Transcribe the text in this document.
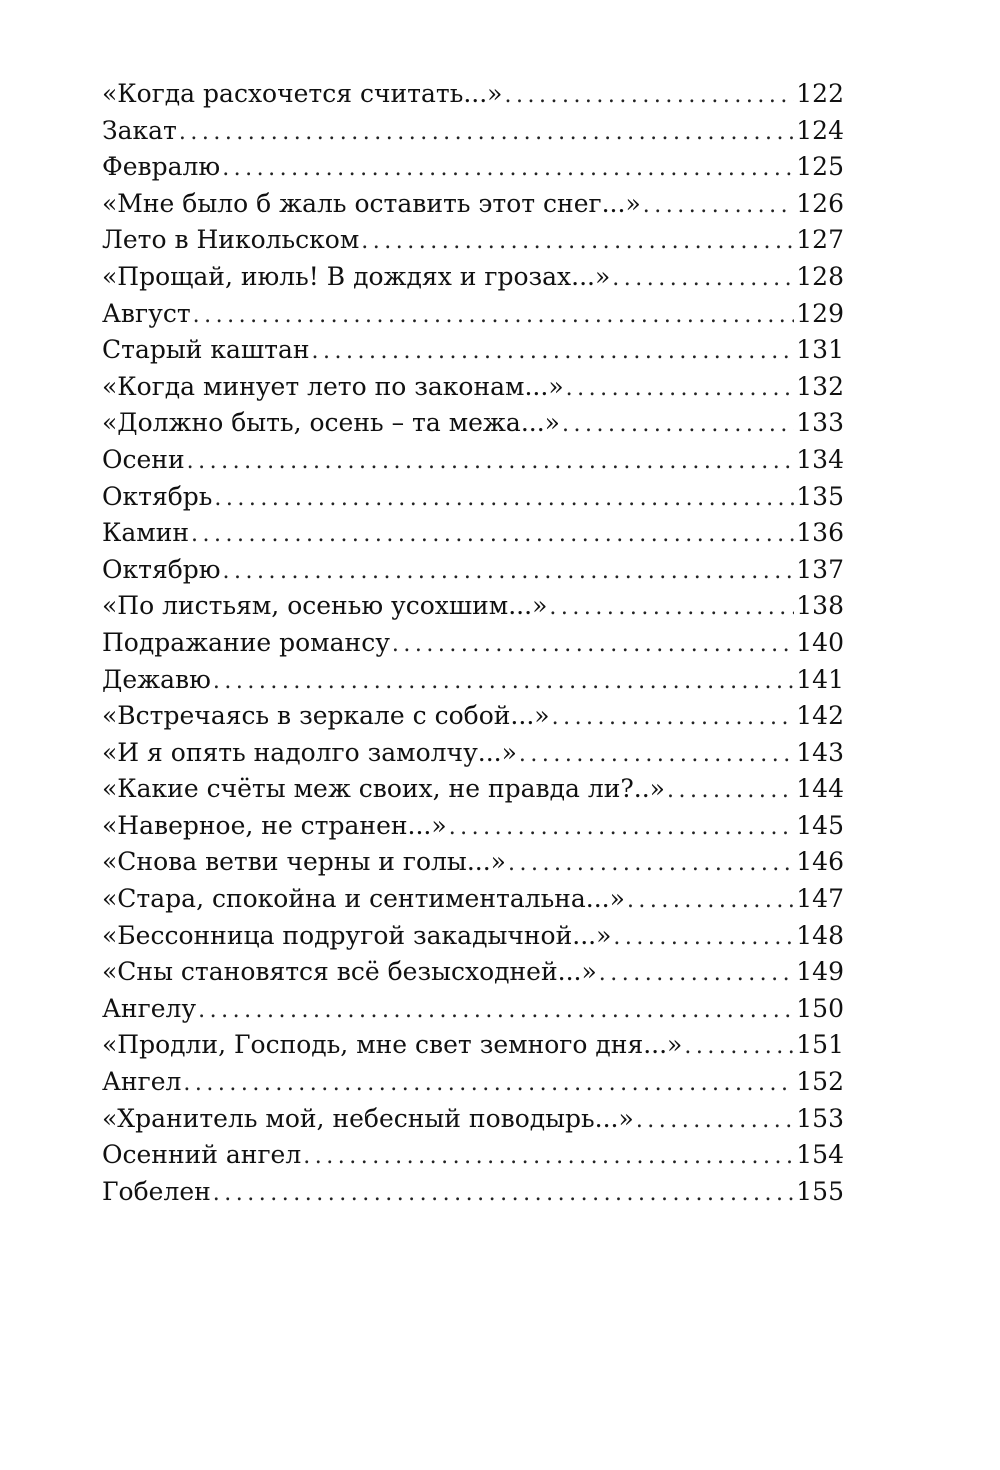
«Когда расхочется считать...» .....	122
Закат .....	124
Февралю .....	125
«Мне было б жаль оставить этот снег...» .....	126
Лето в Никольском .....	127
«Прощай, июль! В дождях и грозах...» .....	128
Август .....	129
Старый каштан .....	131
«Когда минует лето по законам...» .....	132
«Должно быть, осень – та межа...» .....	133
Осени .....	134
Октябрь .....	135
Камин .....	136
Октябрю .....	137
«По листьям, осенью усохшим...» .....	138
Подражание романсу .....	140
Дежавю .....	141
«Встречаясь в зеркале с собой...» .....	142
«И я опять надолго замолчу...» .....	143
«Какие счёты меж своих, не правда ли?..» .....	144
«Наверное, не странен...» .....	145
«Снова ветви черны и голы...» .....	146
«Стара, спокойна и сентиментальна...» .....	147
«Бессонница подругой закадычной...» .....	148
«Сны становятся всё безысходней...» .....	149
Ангелу .....	150
«Продли, Господь, мне свет земного дня...» .....	151
Ангел .....	152
«Хранитель мой, небесный поводырь...» .....	153
Осенний ангел .....	154
Гобелен .....	155
